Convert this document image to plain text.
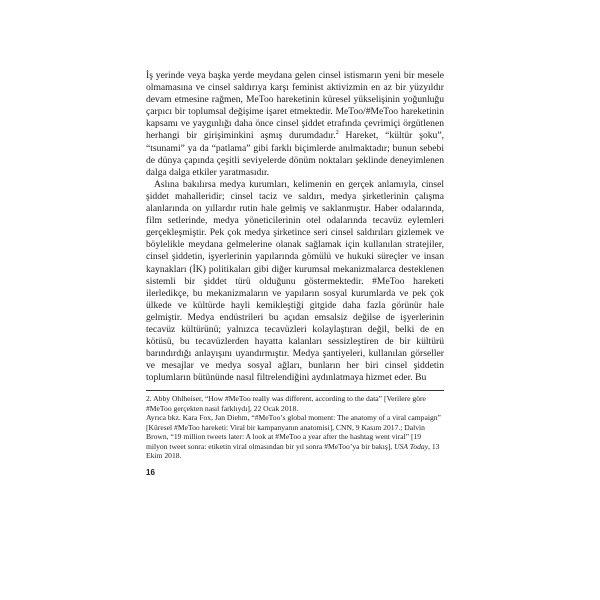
İş yerinde veya başka yerde meydana gelen cinsel istismarın yeni bir mesele olmamasına ve cinsel saldırıya karşı feminist aktivizmin en az bir yüzyıldır devam etmesine rağmen, MeToo hareketinin küresel yükselişinin yoğunluğu çarpıcı bir toplumsal değişime işaret etmektedir. MeToo/#MeToo hareketinin kapsamı ve yaygınlığı daha önce cinsel şiddet etrafında çevrimiçi örgütlenen herhangi bir girişiminkini aşmış durumdadır.$^2$ Hareket, “kültür şoku”, “tsunami” ya da “patlama” gibi farklı biçimlerde anılmaktadır; bunun sebebi de dünya çapında çeşitli seviyelerde dönüm noktaları şeklinde deneyimlenen dalga dalga etkiler yaratmasıdır.

Aslına bakılırsa medya kurumları, kelimenin en gerçek anlamıyla, cinsel şiddet mahalleridir; cinsel taciz ve saldırı, medya şirketlerinin çalışma alanlarında on yıllardır rutin hale gelmiş ve saklanmıştır. Haber odalarında, film setlerinde, medya yöneticilerinin otel odalarında tecavüz eylemleri gerçekleşmiştir. Pek çok medya şirketince seri cinsel saldırıları gizlemek ve böylelikle meydana gelmelerine olanak sağlamak için kullanılan stratejiler, cinsel şiddetin, işyerlerinin yapılarında gömülü ve hukuki süreçler ve insan kaynakları (İK) politikaları gibi diğer kurumsal mekanizmalarca desteklenen sistemli bir şiddet türü olduğunu göstermektedir. #MeToo hareketi ilerledikçe, bu mekanizmaların ve yapıların sosyal kurumlarda ve pek çok ülkede ve kültürde hayli kemikleştiği gitgide daha fazla görünür hale gelmiştir. Medya endüstrileri bu açıdan emsalsiz değilse de işyerlerinin tecavüz kültürünü; yalnızca tecavüzleri kolaylaştıran değil, belki de en kötüsü, bu tecavüzlerden hayatta kalanları sessizleştiren de bir kültürü barındırdığı anlayışını uyandırmıştır. Medya şantiyeleri, kullanılan görseller ve mesajlar ve medya sosyal ağları, bunların her biri cinsel şiddetin toplumların bütününde nasıl filtrelendiğini aydınlatmaya hizmet eder. Bu

2. Abby Ohlheiser, “How #MeToo really was different, according to the data” [Verilere göre #MeToo gerçekten nasıl farklıydı], 22 Ocak 2018.
Ayrıca bkz. Kara Fox, Jan Diehm, “#MeToo’s global moment: The anatomy of a viral campaign” [Küresel #MeToo hareketi: Viral bir kampanyanın anatomisi], CNN, 9 Kasım 2017.; Dalvin Brown, “19 million tweets later: A look at #MeToo a year after the hashtag went viral” [19 milyon tweet sonra: etiketin viral olmasından bir yıl sonra #MeToo’ya bir bakış], USA Today, 13 Ekim 2018.

16
